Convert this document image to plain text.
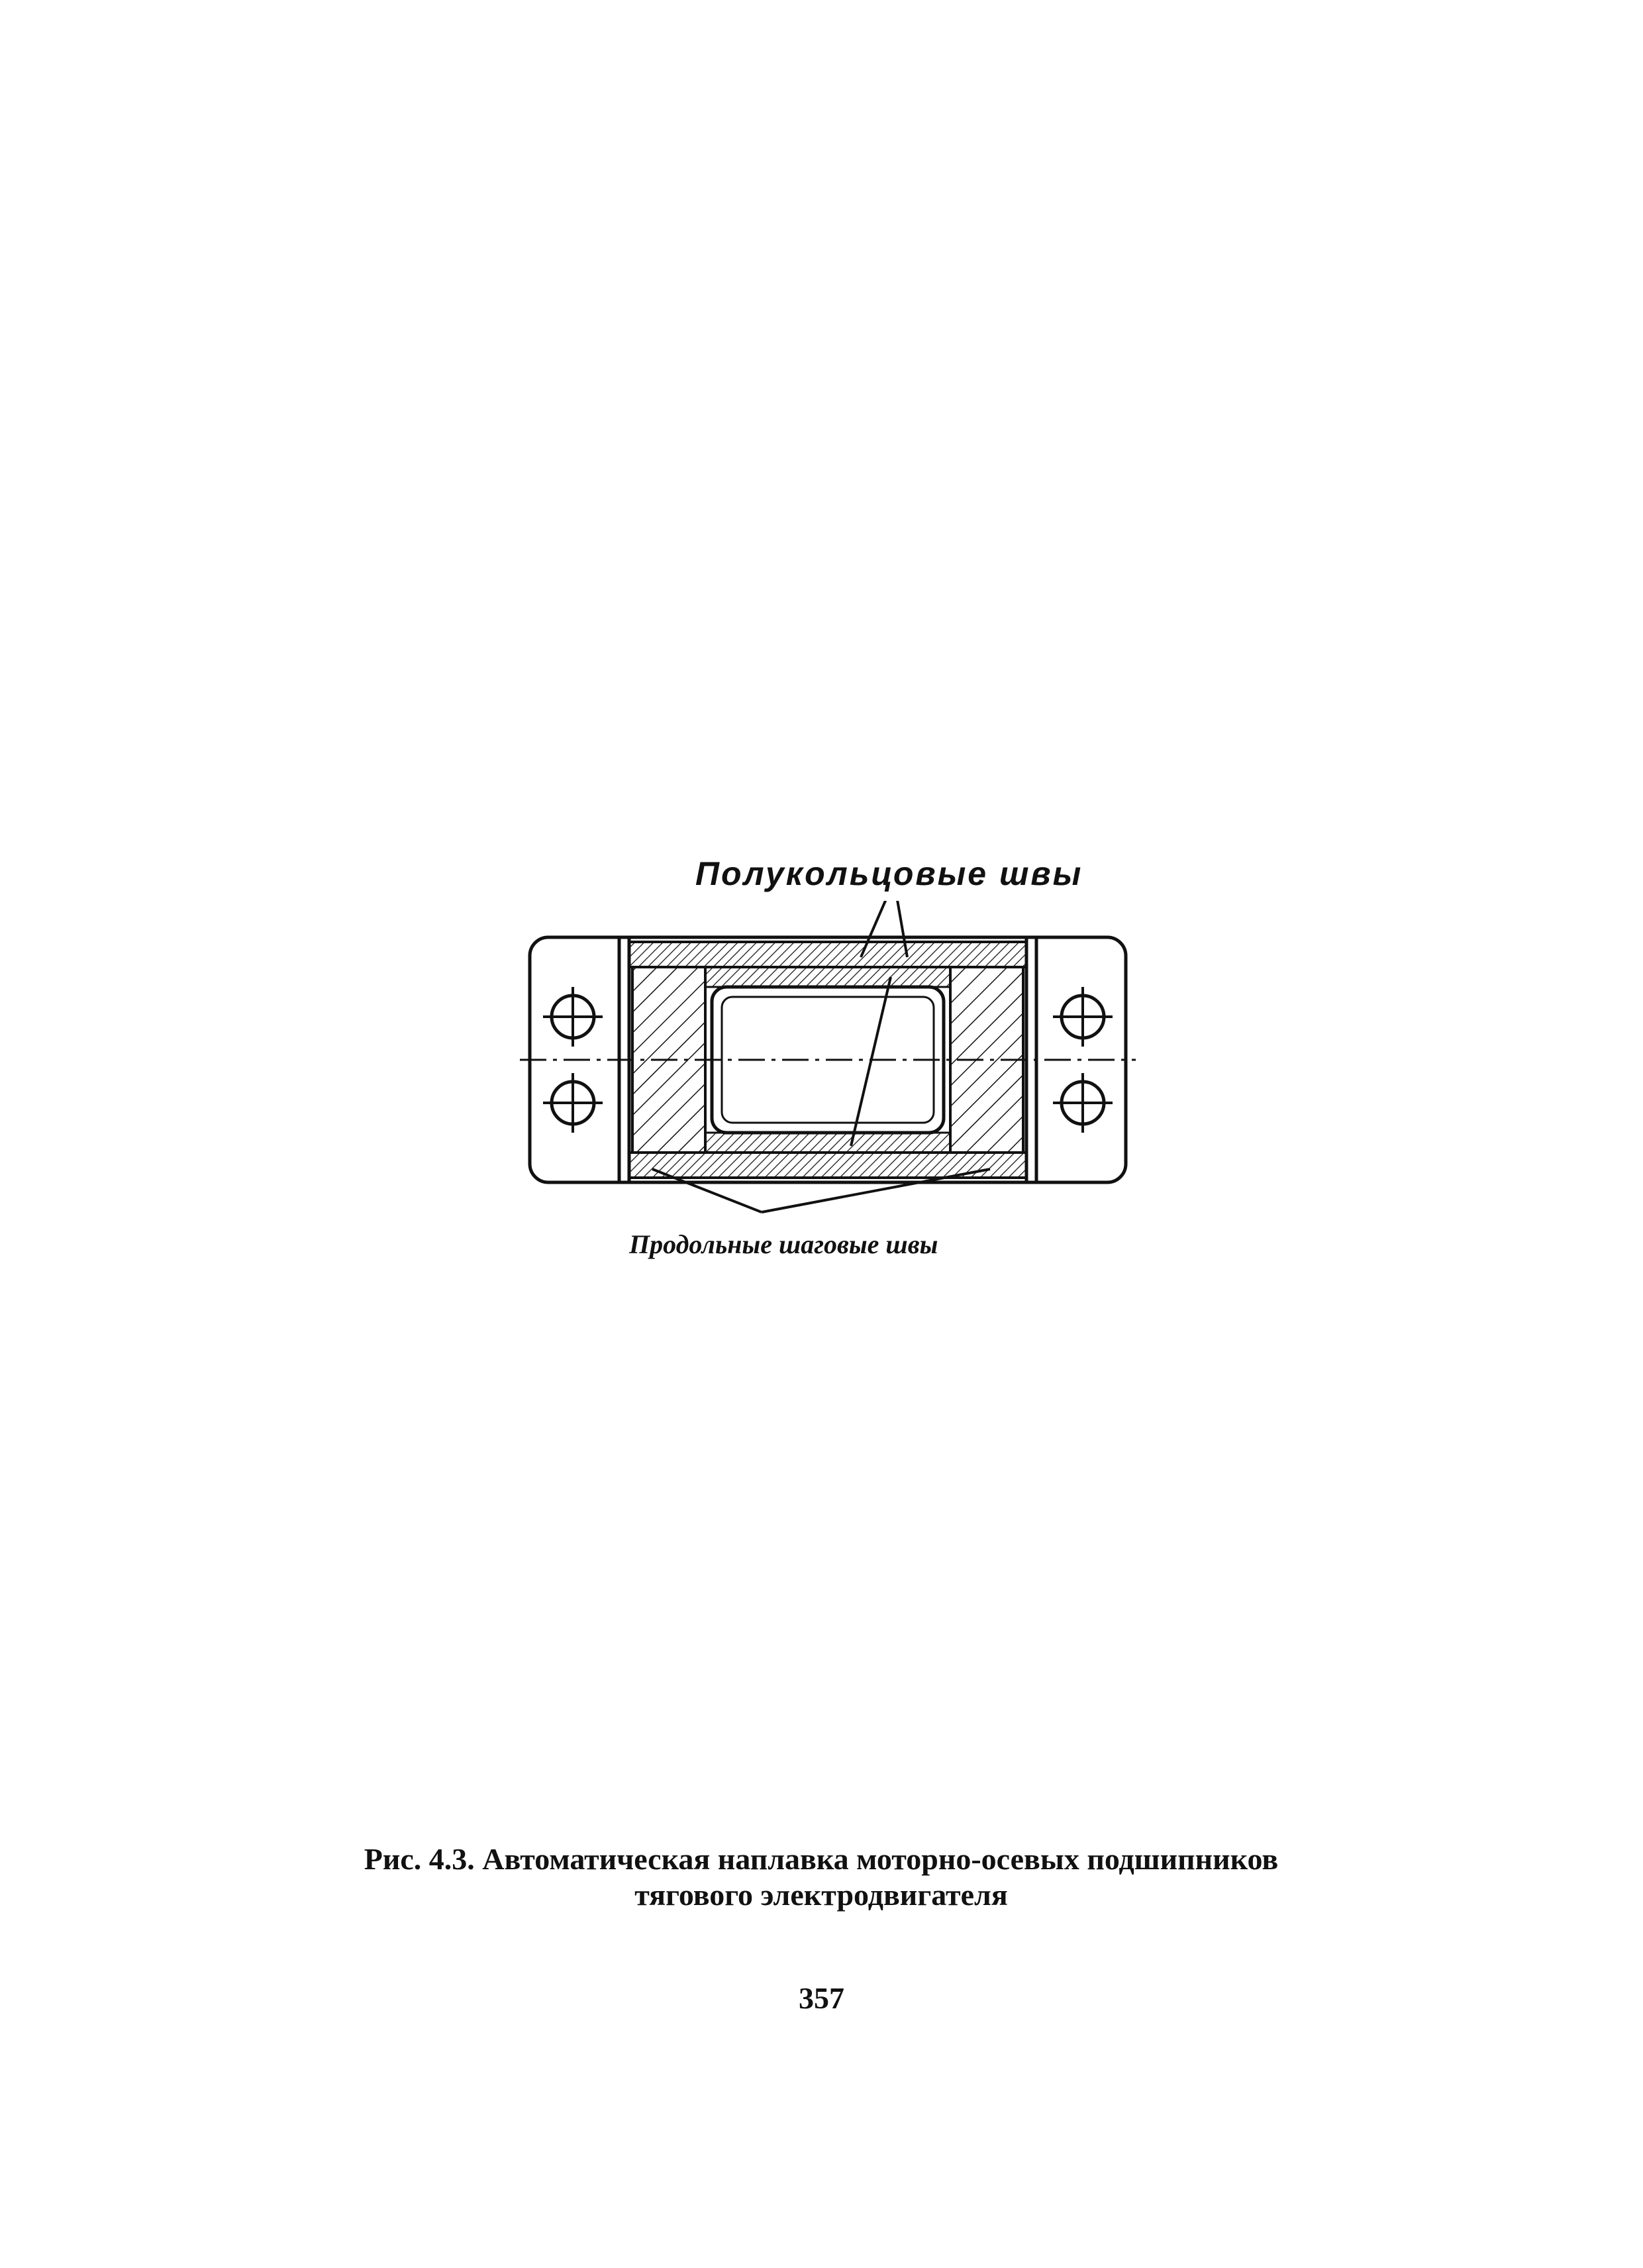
Полукольцовые швы
Продольные шаговые швы
Рис. 4.3. Автоматическая наплавка моторно-осевых подшипников
тягового электродвигателя
357
